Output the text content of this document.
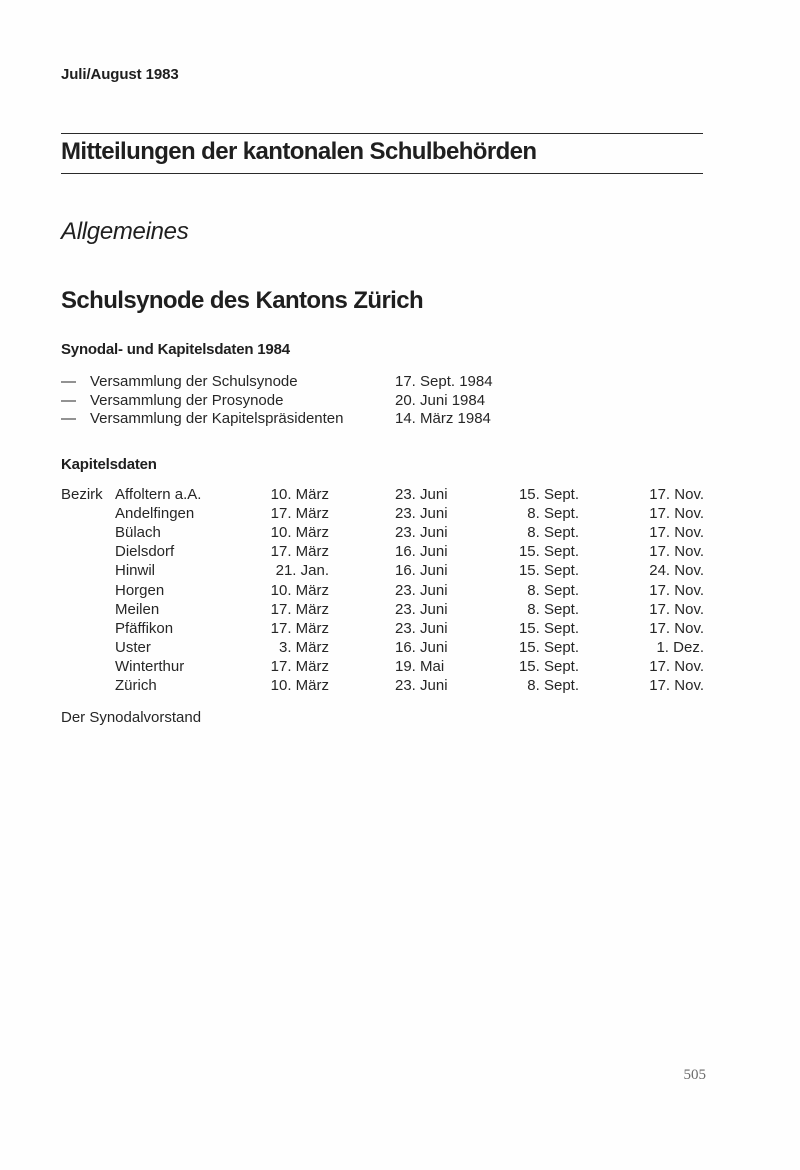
Juli/August 1983
Mitteilungen der kantonalen Schulbehörden
Allgemeines
Schulsynode des Kantons Zürich
Synodal- und Kapitelsdaten 1984
— Versammlung der Schulsynode	17. Sept. 1984
— Versammlung der Prosynode	20. Juni 1984
— Versammlung der Kapitelspräsidenten	14. März 1984
Kapitelsdaten
Bezirk Affoltern a.A.	10. März	23. Juni	15. Sept.	17. Nov.
Andelfingen	17. März	23. Juni	8. Sept.	17. Nov.
Bülach	10. März	23. Juni	8. Sept.	17. Nov.
Dielsdorf	17. März	16. Juni	15. Sept.	17. Nov.
Hinwil	21. Jan.	16. Juni	15. Sept.	24. Nov.
Horgen	10. März	23. Juni	8. Sept.	17. Nov.
Meilen	17. März	23. Juni	8. Sept.	17. Nov.
Pfäffikon	17. März	23. Juni	15. Sept.	17. Nov.
Uster	3. März	16. Juni	15. Sept.	1. Dez.
Winterthur	17. März	19. Mai	15. Sept.	17. Nov.
Zürich	10. März	23. Juni	8. Sept.	17. Nov.
Der Synodalvorstand
505
